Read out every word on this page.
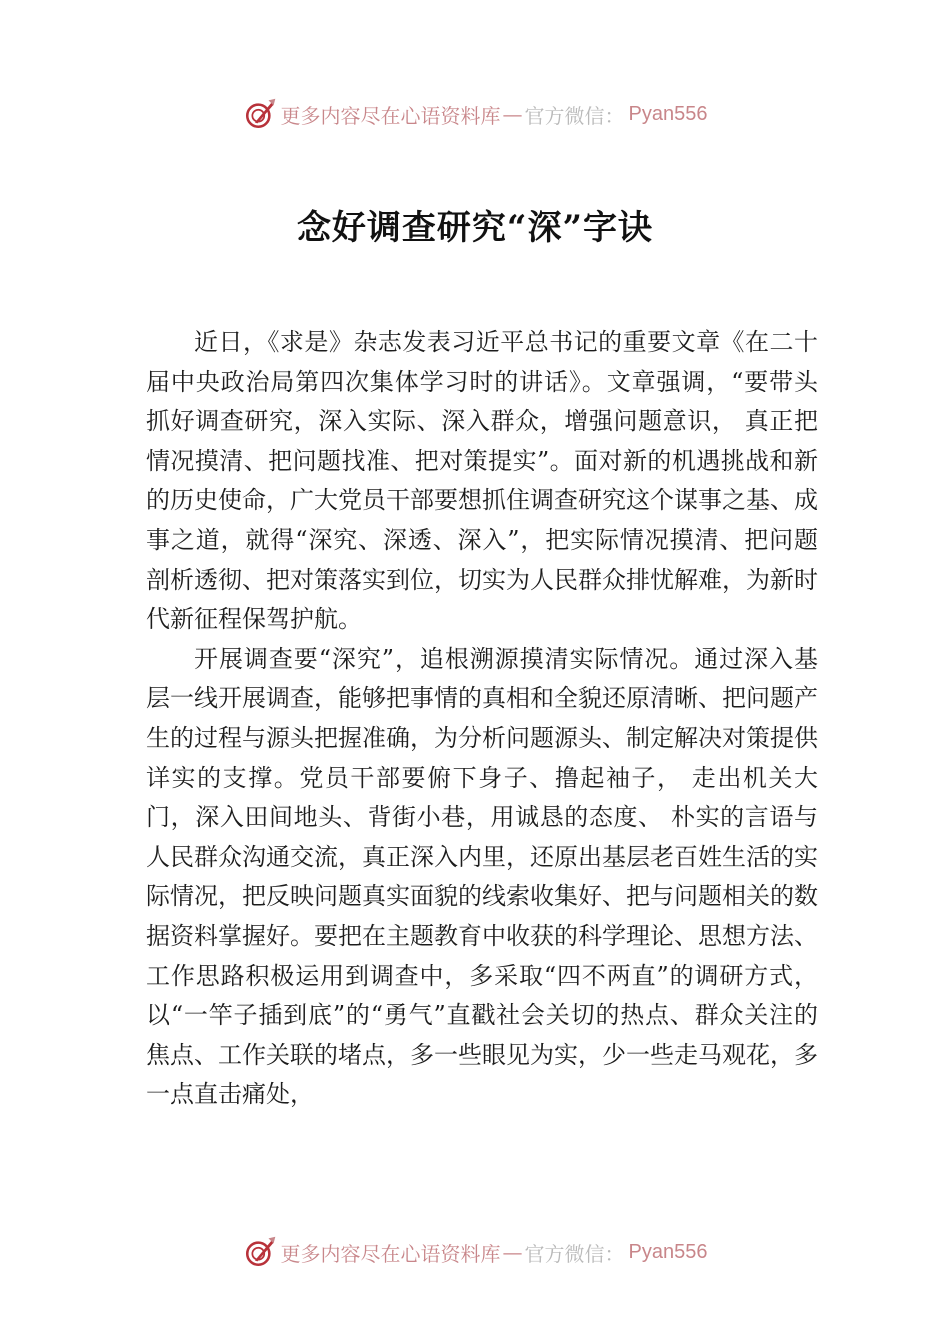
更多内容尽在心语资料库 — 官方微信： Pyan556
念好调查研究“深”字诀

近日，《求是》杂志发表习近平总书记的重要文章《在二十届中央政治局第四次集体学习时的讲话》。文章强调，“要带头抓好调查研究，深入实际、深入群众，增强问题意识， 真正把情况摸清、把问题找准、把对策提实”。面对新的机遇挑战和新的历史使命，广大党员干部要想抓住调查研究这个谋事之基、成事之道，就得“深究、深透、深入”，把实际情况摸清、把问题剖析透彻、把对策落实到位，切实为人民群众排忧解难，为新时代新征程保驾护航。

开展调查要“深究”，追根溯源摸清实际情况。通过深入基层一线开展调查，能够把事情的真相和全貌还原清晰、把问题产生的过程与源头把握准确，为分析问题源头、制定解决对策提供详实的支撑。党员干部要俯下身子、撸起袖子， 走出机关大门，深入田间地头、背街小巷，用诚恳的态度、 朴实的言语与人民群众沟通交流，真正深入内里，还原出基层老百姓生活的实际情况，把反映问题真实面貌的线索收集好、把与问题相关的数据资料掌握好。要把在主题教育中收获的科学理论、思想方法、工作思路积极运用到调查中，多采取“四不两直”的调研方式，以“一竿子插到底”的“勇气”直戳社会关切的热点、群众关注的焦点、工作关联的堵点，多一些眼见为实，少一些走马观花，多一点直击痛处，

更多内容尽在心语资料库 — 官方微信： Pyan556
